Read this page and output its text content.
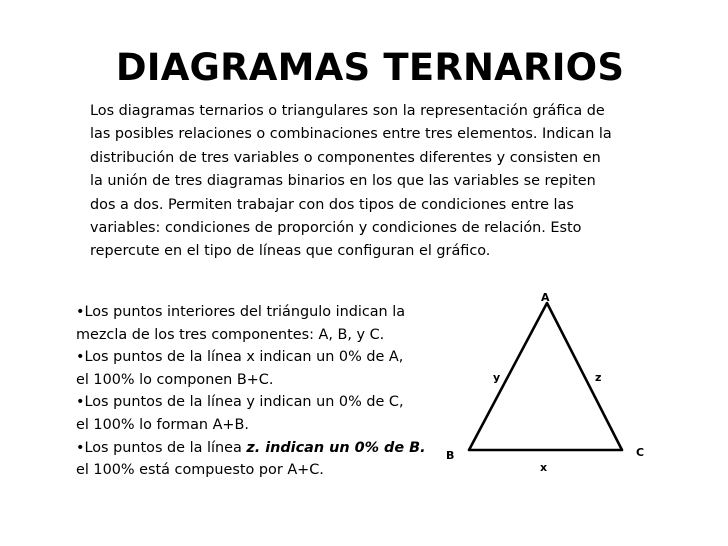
DIAGRAMAS TERNARIOS
Los diagramas ternarios o triangulares son la representación gráfica de
las posibles relaciones o combinaciones entre tres elementos. Indican la
distribución de tres variables o componentes diferentes y consisten en
la unión de tres diagramas binarios en los que las variables se repiten
dos a dos. Permiten trabajar con dos tipos de condiciones entre las
variables: condiciones de proporción y condiciones de relación. Esto
repercute en el tipo de líneas que configuran el gráfico.
•Los puntos interiores del triángulo indican la
mezcla de los tres componentes: A, B, y C.
•Los puntos de la línea x indican un 0% de A,
el 100% lo componen B+C.
•Los puntos de la línea y indican un 0% de C,
el 100% lo forman A+B.
•Los puntos de la línea z. indican un 0% de B.
el 100% está compuesto por A+C.
A
B	C
y	z
x
